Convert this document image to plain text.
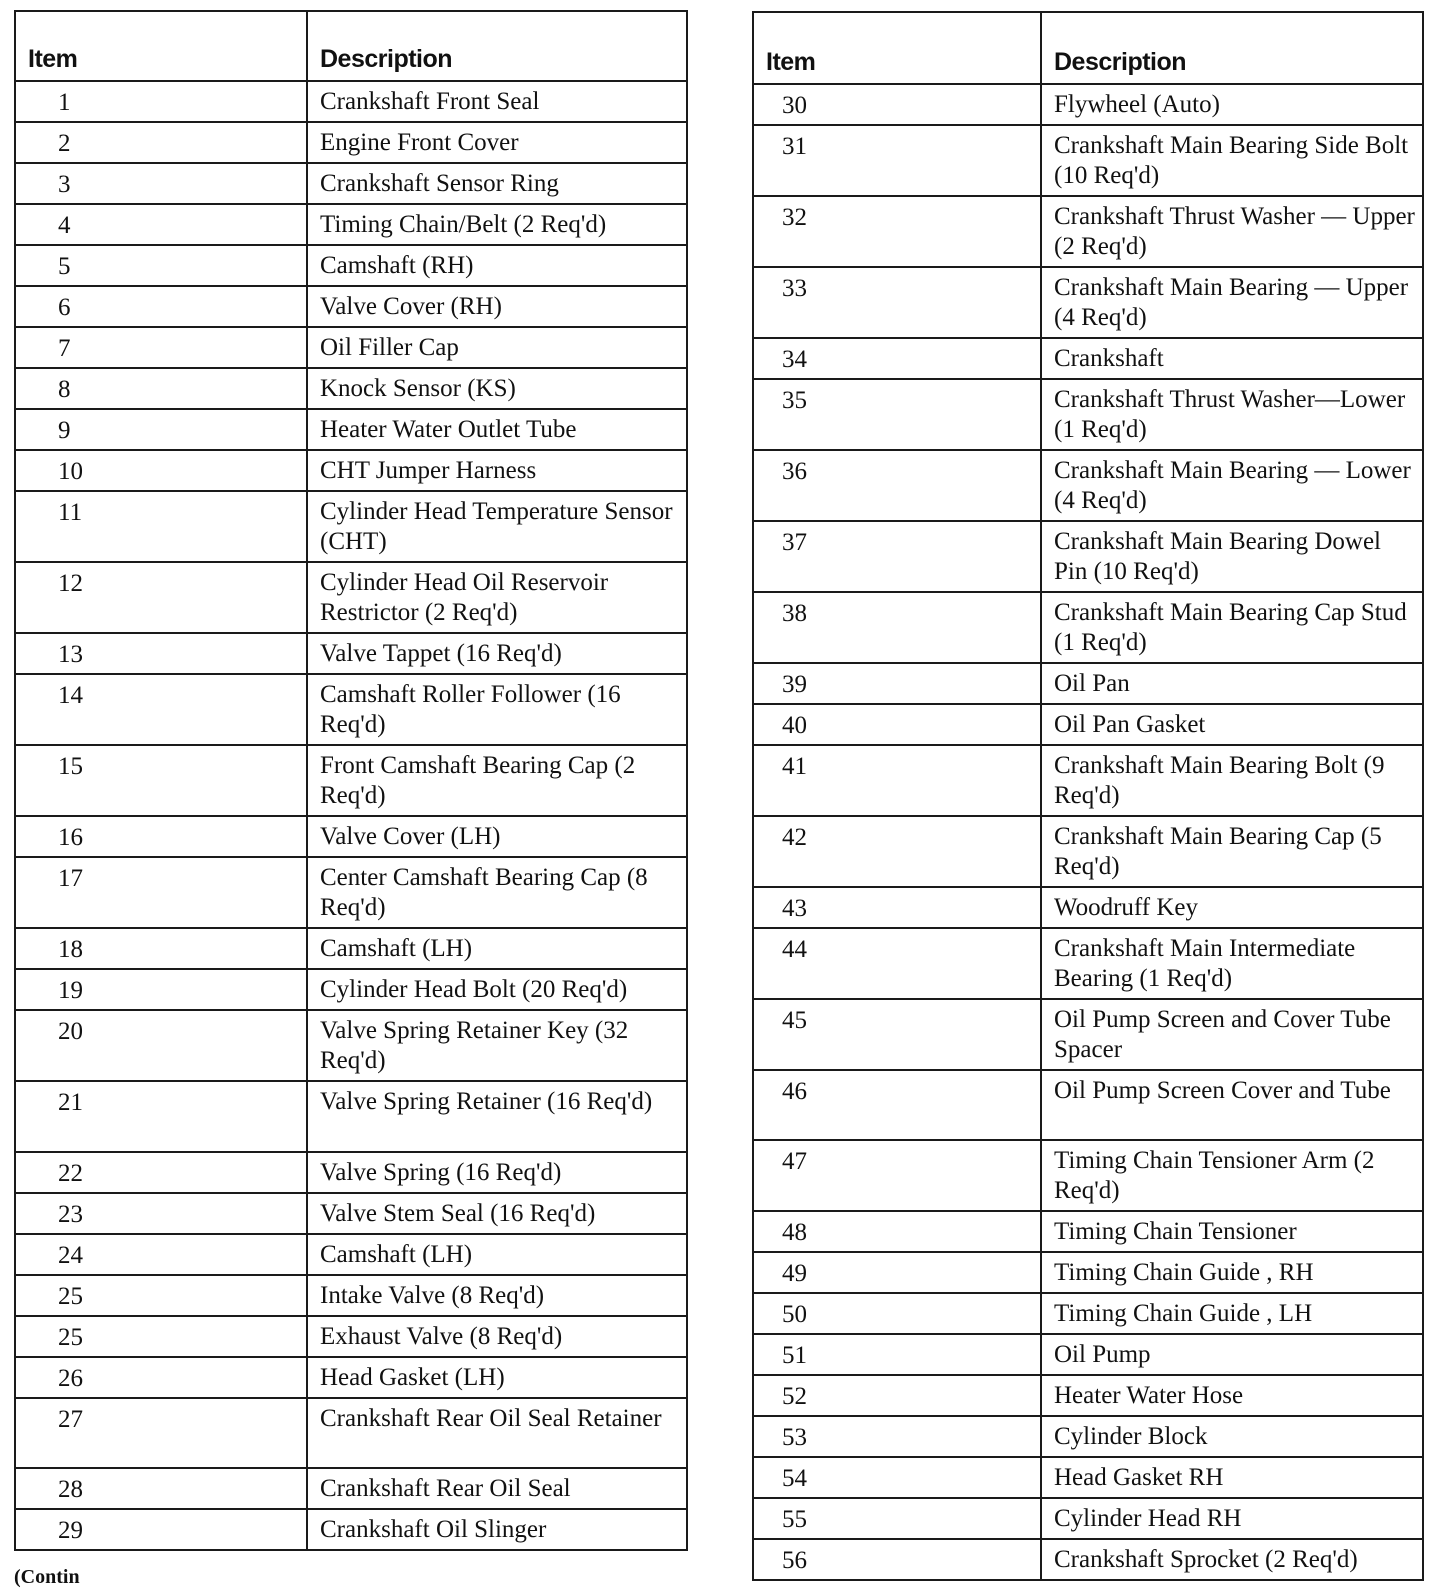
Item	Description
1	Crankshaft Front Seal
2	Engine Front Cover
3	Crankshaft Sensor Ring
4	Timing Chain/Belt (2 Req'd)
5	Camshaft (RH)
6	Valve Cover (RH)
7	Oil Filler Cap
8	Knock Sensor (KS)
9	Heater Water Outlet Tube
10	CHT Jumper Harness
11	Cylinder Head Temperature Sensor (CHT)
12	Cylinder Head Oil Reservoir Restrictor (2 Req'd)
13	Valve Tappet (16 Req'd)
14	Camshaft Roller Follower (16 Req'd)
15	Front Camshaft Bearing Cap (2 Req'd)
16	Valve Cover (LH)
17	Center Camshaft Bearing Cap (8 Req'd)
18	Camshaft (LH)
19	Cylinder Head Bolt (20 Req'd)
20	Valve Spring Retainer Key (32 Req'd)
21	Valve Spring Retainer (16 Req'd)
22	Valve Spring (16 Req'd)
23	Valve Stem Seal (16 Req'd)
24	Camshaft (LH)
25	Intake Valve (8 Req'd)
25	Exhaust Valve (8 Req'd)
26	Head Gasket (LH)
27	Crankshaft Rear Oil Seal Retainer
28	Crankshaft Rear Oil Seal
29	Crankshaft Oil Slinger
Item	Description
30	Flywheel (Auto)
31	Crankshaft Main Bearing Side Bolt (10 Req'd)
32	Crankshaft Thrust Washer — Upper (2 Req'd)
33	Crankshaft Main Bearing — Upper (4 Req'd)
34	Crankshaft
35	Crankshaft Thrust Washer—Lower (1 Req'd)
36	Crankshaft Main Bearing — Lower (4 Req'd)
37	Crankshaft Main Bearing Dowel Pin (10 Req'd)
38	Crankshaft Main Bearing Cap Stud (1 Req'd)
39	Oil Pan
40	Oil Pan Gasket
41	Crankshaft Main Bearing Bolt (9 Req'd)
42	Crankshaft Main Bearing Cap (5 Req'd)
43	Woodruff Key
44	Crankshaft Main Intermediate Bearing (1 Req'd)
45	Oil Pump Screen and Cover Tube Spacer
46	Oil Pump Screen Cover and Tube
47	Timing Chain Tensioner Arm (2 Req'd)
48	Timing Chain Tensioner
49	Timing Chain Guide , RH
50	Timing Chain Guide , LH
51	Oil Pump
52	Heater Water Hose
53	Cylinder Block
54	Head Gasket RH
55	Cylinder Head RH
56	Crankshaft Sprocket (2 Req'd)
(Contin
